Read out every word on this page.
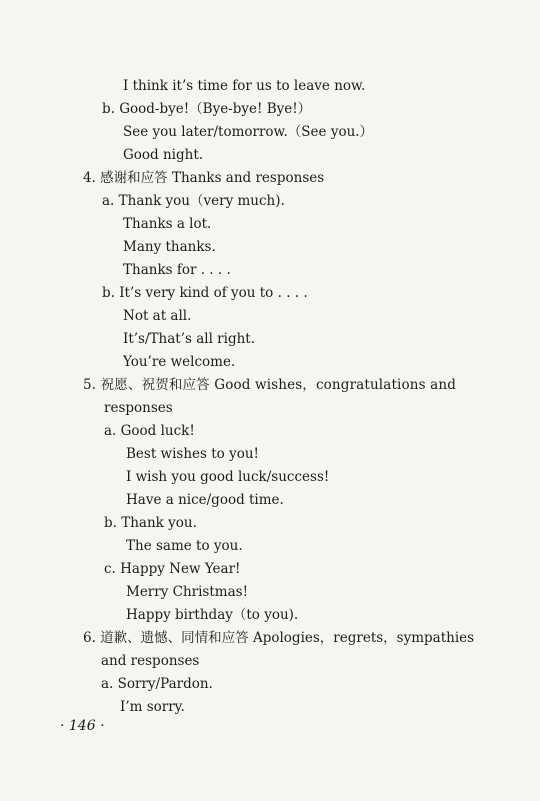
I think it’s time for us to leave now.
b. Good-bye!（Bye-bye! Bye!）
See you later/tomorrow.（See you.）
Good night.
4. 感谢和应答 Thanks and responses
a. Thank you（very much).
Thanks a lot.
Many thanks.
Thanks for . . . .
b. It’s very kind of you to . . . .
Not at all.
It’s/That’s all right.
You’re welcome.
5. 祝愿、祝贺和应答 Good wishes，congratulations and
responses
a. Good luck!
Best wishes to you!
I wish you good luck/success!
Have a nice/good time.
b. Thank you.
The same to you.
c. Happy New Year!
Merry Christmas!
Happy birthday（to you).
6. 道歉、遗憾、同情和应答 Apologies，regrets，sympathies
and responses
a. Sorry/Pardon.
I’m sorry.
· 146 ·
